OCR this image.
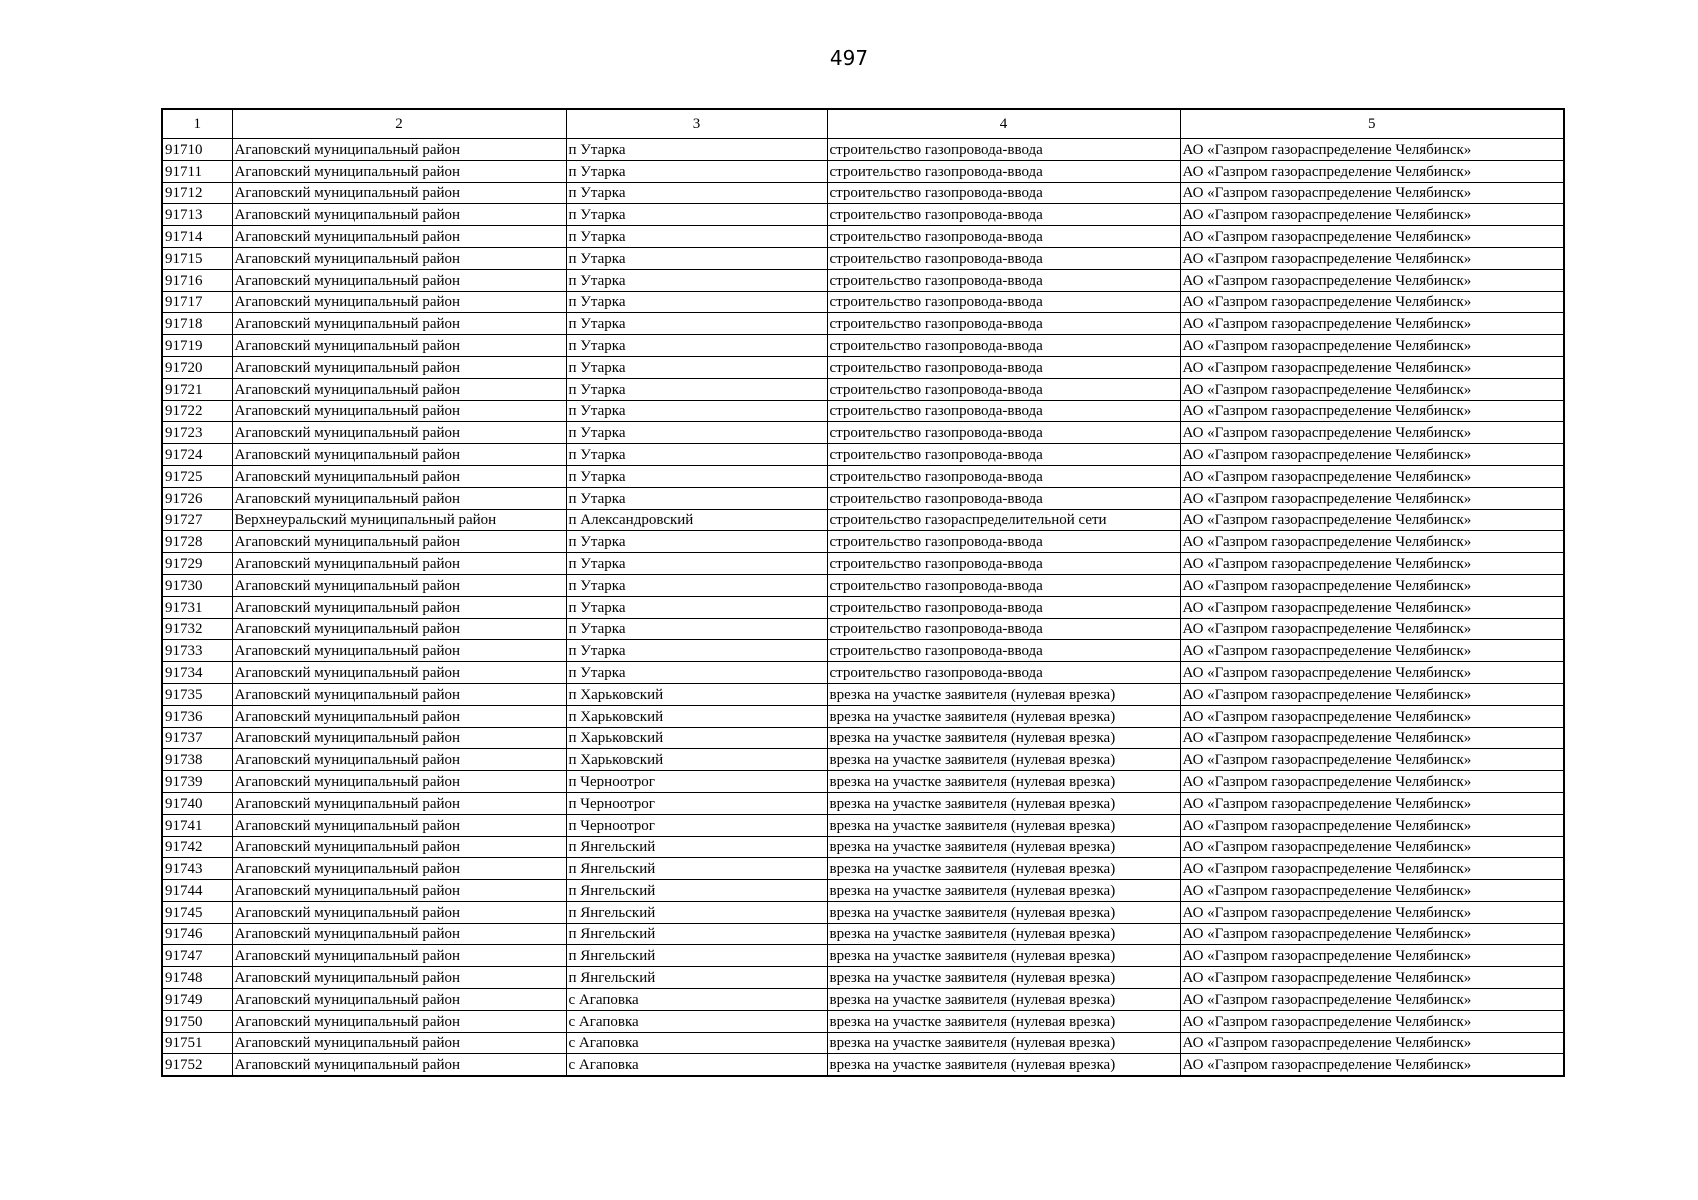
497
1	2	3	4	5
91710	Агаповский муниципальный район	п Утарка	строительство газопровода-ввода	АО «Газпром газораспределение Челябинск»
91711	Агаповский муниципальный район	п Утарка	строительство газопровода-ввода	АО «Газпром газораспределение Челябинск»
91712	Агаповский муниципальный район	п Утарка	строительство газопровода-ввода	АО «Газпром газораспределение Челябинск»
91713	Агаповский муниципальный район	п Утарка	строительство газопровода-ввода	АО «Газпром газораспределение Челябинск»
91714	Агаповский муниципальный район	п Утарка	строительство газопровода-ввода	АО «Газпром газораспределение Челябинск»
91715	Агаповский муниципальный район	п Утарка	строительство газопровода-ввода	АО «Газпром газораспределение Челябинск»
91716	Агаповский муниципальный район	п Утарка	строительство газопровода-ввода	АО «Газпром газораспределение Челябинск»
91717	Агаповский муниципальный район	п Утарка	строительство газопровода-ввода	АО «Газпром газораспределение Челябинск»
91718	Агаповский муниципальный район	п Утарка	строительство газопровода-ввода	АО «Газпром газораспределение Челябинск»
91719	Агаповский муниципальный район	п Утарка	строительство газопровода-ввода	АО «Газпром газораспределение Челябинск»
91720	Агаповский муниципальный район	п Утарка	строительство газопровода-ввода	АО «Газпром газораспределение Челябинск»
91721	Агаповский муниципальный район	п Утарка	строительство газопровода-ввода	АО «Газпром газораспределение Челябинск»
91722	Агаповский муниципальный район	п Утарка	строительство газопровода-ввода	АО «Газпром газораспределение Челябинск»
91723	Агаповский муниципальный район	п Утарка	строительство газопровода-ввода	АО «Газпром газораспределение Челябинск»
91724	Агаповский муниципальный район	п Утарка	строительство газопровода-ввода	АО «Газпром газораспределение Челябинск»
91725	Агаповский муниципальный район	п Утарка	строительство газопровода-ввода	АО «Газпром газораспределение Челябинск»
91726	Агаповский муниципальный район	п Утарка	строительство газопровода-ввода	АО «Газпром газораспределение Челябинск»
91727	Верхнеуральский муниципальный район	п Александровский	строительство газораспределительной сети	АО «Газпром газораспределение Челябинск»
91728	Агаповский муниципальный район	п Утарка	строительство газопровода-ввода	АО «Газпром газораспределение Челябинск»
91729	Агаповский муниципальный район	п Утарка	строительство газопровода-ввода	АО «Газпром газораспределение Челябинск»
91730	Агаповский муниципальный район	п Утарка	строительство газопровода-ввода	АО «Газпром газораспределение Челябинск»
91731	Агаповский муниципальный район	п Утарка	строительство газопровода-ввода	АО «Газпром газораспределение Челябинск»
91732	Агаповский муниципальный район	п Утарка	строительство газопровода-ввода	АО «Газпром газораспределение Челябинск»
91733	Агаповский муниципальный район	п Утарка	строительство газопровода-ввода	АО «Газпром газораспределение Челябинск»
91734	Агаповский муниципальный район	п Утарка	строительство газопровода-ввода	АО «Газпром газораспределение Челябинск»
91735	Агаповский муниципальный район	п Харьковский	врезка на участке заявителя (нулевая врезка)	АО «Газпром газораспределение Челябинск»
91736	Агаповский муниципальный район	п Харьковский	врезка на участке заявителя (нулевая врезка)	АО «Газпром газораспределение Челябинск»
91737	Агаповский муниципальный район	п Харьковский	врезка на участке заявителя (нулевая врезка)	АО «Газпром газораспределение Челябинск»
91738	Агаповский муниципальный район	п Харьковский	врезка на участке заявителя (нулевая врезка)	АО «Газпром газораспределение Челябинск»
91739	Агаповский муниципальный район	п Черноотрог	врезка на участке заявителя (нулевая врезка)	АО «Газпром газораспределение Челябинск»
91740	Агаповский муниципальный район	п Черноотрог	врезка на участке заявителя (нулевая врезка)	АО «Газпром газораспределение Челябинск»
91741	Агаповский муниципальный район	п Черноотрог	врезка на участке заявителя (нулевая врезка)	АО «Газпром газораспределение Челябинск»
91742	Агаповский муниципальный район	п Янгельский	врезка на участке заявителя (нулевая врезка)	АО «Газпром газораспределение Челябинск»
91743	Агаповский муниципальный район	п Янгельский	врезка на участке заявителя (нулевая врезка)	АО «Газпром газораспределение Челябинск»
91744	Агаповский муниципальный район	п Янгельский	врезка на участке заявителя (нулевая врезка)	АО «Газпром газораспределение Челябинск»
91745	Агаповский муниципальный район	п Янгельский	врезка на участке заявителя (нулевая врезка)	АО «Газпром газораспределение Челябинск»
91746	Агаповский муниципальный район	п Янгельский	врезка на участке заявителя (нулевая врезка)	АО «Газпром газораспределение Челябинск»
91747	Агаповский муниципальный район	п Янгельский	врезка на участке заявителя (нулевая врезка)	АО «Газпром газораспределение Челябинск»
91748	Агаповский муниципальный район	п Янгельский	врезка на участке заявителя (нулевая врезка)	АО «Газпром газораспределение Челябинск»
91749	Агаповский муниципальный район	с Агаповка	врезка на участке заявителя (нулевая врезка)	АО «Газпром газораспределение Челябинск»
91750	Агаповский муниципальный район	с Агаповка	врезка на участке заявителя (нулевая врезка)	АО «Газпром газораспределение Челябинск»
91751	Агаповский муниципальный район	с Агаповка	врезка на участке заявителя (нулевая врезка)	АО «Газпром газораспределение Челябинск»
91752	Агаповский муниципальный район	с Агаповка	врезка на участке заявителя (нулевая врезка)	АО «Газпром газораспределение Челябинск»
